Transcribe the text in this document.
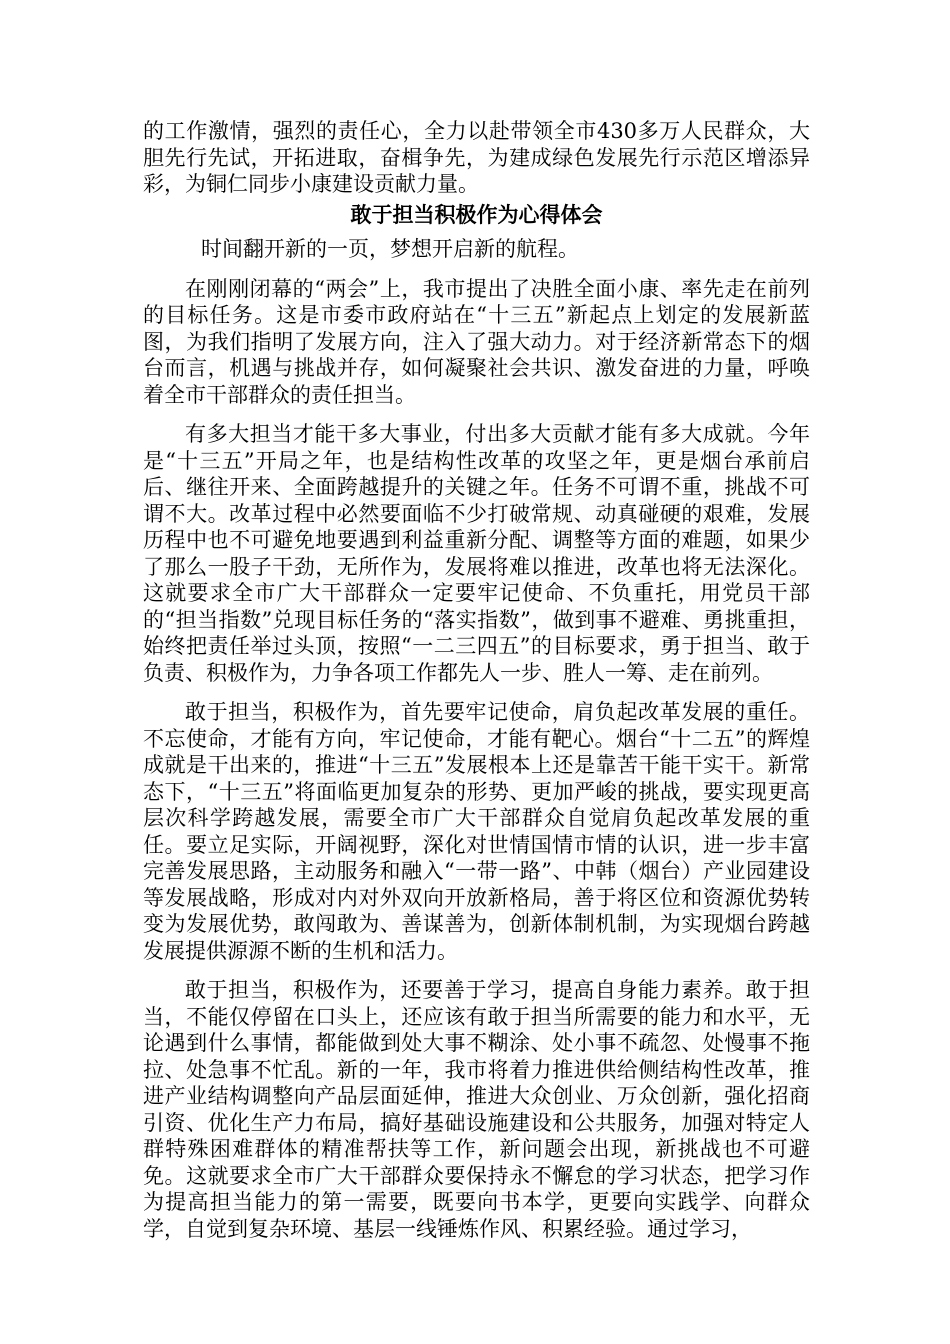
的工作激情，强烈的责任心，全力以赴带领全市430多万人民群众，大胆先行先试，开拓进取，奋楫争先，为建成绿色发展先行示范区增添异彩，为铜仁同步小康建设贡献力量。

敢于担当积极作为心得体会

时间翻开新的一页，梦想开启新的航程。

在刚刚闭幕的“两会”上，我市提出了决胜全面小康、率先走在前列的目标任务。这是市委市政府站在“十三五”新起点上划定的发展新蓝图，为我们指明了发展方向，注入了强大动力。对于经济新常态下的烟台而言，机遇与挑战并存，如何凝聚社会共识、激发奋进的力量，呼唤着全市干部群众的责任担当。

有多大担当才能干多大事业，付出多大贡献才能有多大成就。今年是“十三五”开局之年，也是结构性改革的攻坚之年，更是烟台承前启后、继往开来、全面跨越提升的关键之年。任务不可谓不重，挑战不可谓不大。改革过程中必然要面临不少打破常规、动真碰硬的艰难，发展历程中也不可避免地要遇到利益重新分配、调整等方面的难题，如果少了那么一股子干劲，无所作为，发展将难以推进，改革也将无法深化。这就要求全市广大干部群众一定要牢记使命、不负重托，用党员干部的“担当指数”兑现目标任务的“落实指数”，做到事不避难、勇挑重担，始终把责任举过头顶，按照“一二三四五”的目标要求，勇于担当、敢于负责、积极作为，力争各项工作都先人一步、胜人一筹、走在前列。

敢于担当，积极作为，首先要牢记使命，肩负起改革发展的重任。不忘使命，才能有方向，牢记使命，才能有靶心。烟台“十二五”的辉煌成就是干出来的，推进“十三五”发展根本上还是靠苦干能干实干。新常态下，“十三五”将面临更加复杂的形势、更加严峻的挑战，要实现更高层次科学跨越发展，需要全市广大干部群众自觉肩负起改革发展的重任。要立足实际，开阔视野，深化对世情国情市情的认识，进一步丰富完善发展思路，主动服务和融入“一带一路”、中韩（烟台）产业园建设等发展战略，形成对内对外双向开放新格局，善于将区位和资源优势转变为发展优势，敢闯敢为、善谋善为，创新体制机制，为实现烟台跨越发展提供源源不断的生机和活力。

敢于担当，积极作为，还要善于学习，提高自身能力素养。敢于担当，不能仅停留在口头上，还应该有敢于担当所需要的能力和水平，无论遇到什么事情，都能做到处大事不糊涂、处小事不疏忽、处慢事不拖拉、处急事不忙乱。新的一年，我市将着力推进供给侧结构性改革，推进产业结构调整向产品层面延伸，推进大众创业、万众创新，强化招商引资、优化生产力布局，搞好基础设施建设和公共服务，加强对特定人群特殊困难群体的精准帮扶等工作，新问题会出现，新挑战也不可避免。这就要求全市广大干部群众要保持永不懈怠的学习状态，把学习作为提高担当能力的第一需要，既要向书本学，更要向实践学、向群众学，自觉到复杂环境、基层一线锤炼作风、积累经验。通过学习，
